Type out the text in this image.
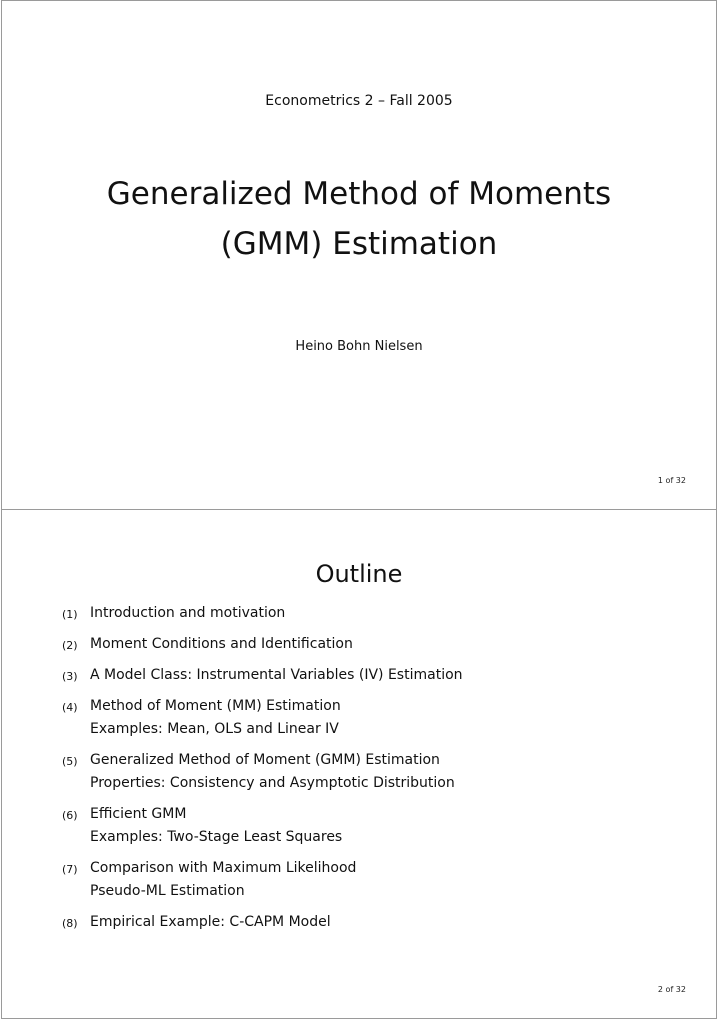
Econometrics 2 – Fall 2005
Generalized Method of Moments
(GMM) Estimation
Heino Bohn Nielsen
1 of 32
Outline
(1) Introduction and motivation
(2) Moment Conditions and Identification
(3) A Model Class: Instrumental Variables (IV) Estimation
(4) Method of Moment (MM) Estimation
Examples: Mean, OLS and Linear IV
(5) Generalized Method of Moment (GMM) Estimation
Properties: Consistency and Asymptotic Distribution
(6) Efficient GMM
Examples: Two-Stage Least Squares
(7) Comparison with Maximum Likelihood
Pseudo-ML Estimation
(8) Empirical Example: C-CAPM Model
2 of 32
